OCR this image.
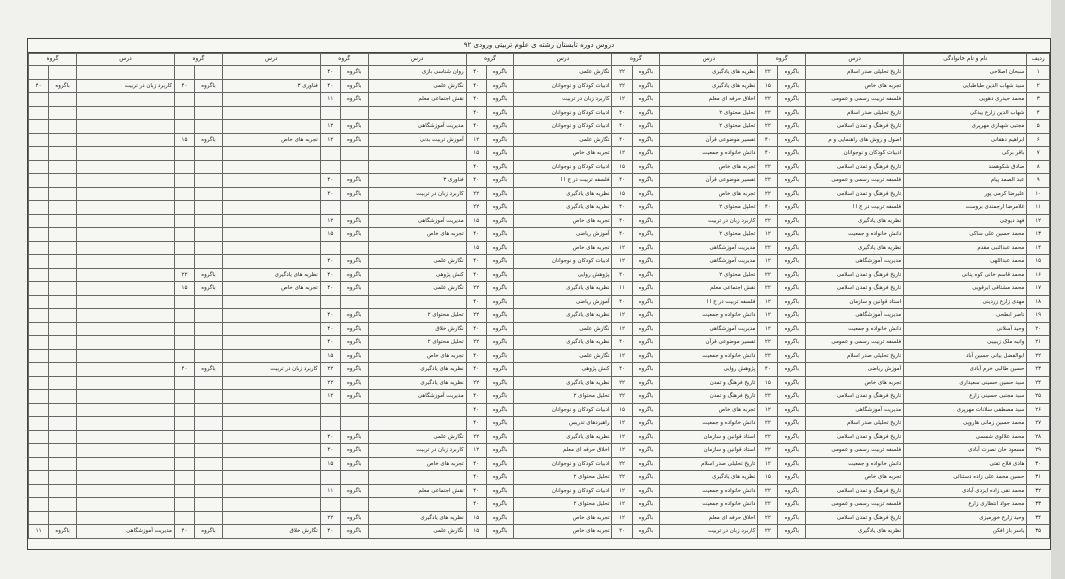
دروس دوره تابستان رشته ی علوم تربیتی ورودی ۹۲
ردیف	نام و نام خانوادگی	درس	گروه		درس	گروه		درس	گروه		درس	گروه		درس	گروه		درس	گروه	
۱	سبحان اصلاحی	تاریخ تحلیلی صدر اسلام	باگروه	۲۲	نظریه های یادگیری	باگروه	۲۲	نگارش علمی	باگروه	۴۰	روان شناسی بازی	باگروه	۴۰						
۲	سید شهاب الدین طباطبایی	تجربه های خاص	باگروه	۱۵	نظریه های یادگیری	باگروه	۲۲	ادبیات کودکان و نوجوانان	باگروه	۴۰	نگارش علمی	باگروه	۴۰	فناوری ۳	باگروه	۴۰	کاربرد زبان در تربیت	باگروه	۴۰
۳	محمد حیدری دهویی	فلسفه تربیت رسمی و عمومی	باگروه	۲۲	اخلاق حرفه ای معلم	باگروه	۱۲	کاربرد زبان در تربیت	باگروه	۴۰	نقش اجتماعی معلم	باگروه	۱۱						
۴	شهاب الدین زارع بیدکی	تاریخ تحلیلی صدر اسلام	باگروه	۲۲	تحلیل محتوای ۲	باگروه	۴۰	ادبیات کودکان و نوجوانان	باگروه	۴۰									
۵	مجتبی شهبازی مهرپری	تاریخ فرهنگ و تمدن اسلامی	باگروه	۲۲	تحلیل محتوای ۲	باگروه	۴۰	ادبیات کودکان و نوجوانان	باگروه	۴۰	مدیریت آموزشگاهی	باگروه	۱۲						
۶	ابراهیم دهقانی	اصول و روش های راهنمایی و م	باگروه	۴۰	تفسیر موضوعی قرآن	باگروه	۴۰	نگارش علمی	باگروه	۱۲	آموزش تربیت بدنی	باگروه	۱۲	تجربه های خاص	باگروه	۱۵			
۷	باقر برکی	ادبیات کودکان و نوجوانان	باگروه	۴۰	دانش خانواده و جمعیت	باگروه	۱۲	تجربه های خاص	باگروه	۱۵									
۸	صادق شکوهمند	تاریخ فرهنگ و تمدن اسلامی	باگروه	۲۲	تجربه های خاص	باگروه	۱۵	ادبیات کودکان و نوجوانان	باگروه	۴۰									
۹	عبد الصمد پیام	فلسفه تربیت رسمی و عمومی	باگروه	۲۲	تفسیر موضوعی قرآن	باگروه	۴۰	فلسفه تربیت در ج ا ا	باگروه	۴۰	فناوری ۳	باگروه	۴۰						
۱۰	علیرضا کرمی پور	تاریخ فرهنگ و تمدن اسلامی	باگروه	۲۲	تجربه های خاص	باگروه	۱۵	نظریه های یادگیری	باگروه	۲۲	کاربرد زبان در تربیت	باگروه	۴۰						
۱۱	غلامرضا ارجمندی بروست	فلسفه تربیت در ج ا ا	باگروه	۴۰	تحلیل محتوای ۲	باگروه	۴۰	نظریه های یادگیری	باگروه	۲۲									
۱۲	فهد دیوچی	نظریه های یادگیری	باگروه	۲۲	کاربرد زبان در تربیت	باگروه	۴۰	تجربه های خاص	باگروه	۱۵	مدیریت آموزشگاهی	باگروه	۱۲						
۱۳	محمد حسین علی ساکی	دانش خانواده و جمعیت	باگروه	۱۲	تحلیل محتوای ۲	باگروه	۴۰	آموزش ریاضی	باگروه	۴۰	تجربه های خاص	باگروه	۱۵						
۱۴	محمد عبدالنبی مقدم	نظریه های یادگیری	باگروه	۲۲	مدیریت آموزشگاهی	باگروه	۱۲	تجربه های خاص	باگروه	۱۵									
۱۵	محمد عبداللهی	مدیریت آموزشگاهی	باگروه	۱۲	مدیریت آموزشگاهی	باگروه	۱۲	ادبیات کودکان و نوجوانان	باگروه	۴۰	نگارش علمی	باگروه	۴۰						
۱۶	محمد قاسم خانی کوه پنانی	تاریخ فرهنگ و تمدن اسلامی	باگروه	۲۲	تحلیل محتوای ۲	باگروه	۴۰	پژوهش روایی	باگروه	۴۰	کنش پژوهی	باگروه	۴۰	نظریه های یادگیری	باگروه	۲۲			
۱۷	محمد مشتاقی ابرقویی	تاریخ فرهنگ و تمدن اسلامی	باگروه	۲۲	نقش اجتماعی معلم	باگروه	۱۱	نظریه های یادگیری	باگروه	۲۲	نگارش علمی	باگروه	۴۰	تجربه های خاص	باگروه	۱۵			
۱۸	مهدی زارع زردینی	استاد قوانین و سازمان	باگروه	۱۲	فلسفه تربیت در ج ا ا	باگروه	۴۰	آموزش ریاضی	باگروه	۴۰									
۱۹	ناصر ابطحی	مدیریت آموزشگاهی	باگروه	۱۲	دانش خانواده و جمعیت	باگروه	۱۲	نظریه های یادگیری	باگروه	۲۲	تحلیل محتوای ۲	باگروه	۴۰						
۲۰	وحید آسلانی	دانش خانواده و جمعیت	باگروه	۱۲	مدیریت آموزشگاهی	باگروه	۱۲	نگارش علمی	باگروه	۴۰	نگارش خلاق	باگروه	۴۰						
۲۱	وانیه ملک زیبیبی	فلسفه تربیت رسمی و عمومی	باگروه	۲۲	تفسیر موضوعی قرآن	باگروه	۴۰	نظریه های یادگیری	باگروه	۲۲	تحلیل محتوای ۲	باگروه	۴۰						
۲۲	ابوالفضل بیانی حسین آباد	تاریخ تحلیلی صدر اسلام	باگروه	۲۲	دانش خانواده و جمعیت	باگروه	۱۲	نگارش علمی	باگروه	۴۰	تجربه های خاص	باگروه	۱۵						
۲۳	حسین طالبی خرم آبادی	آموزش ریاضی	باگروه	۴۰	پژوهش روایی	باگروه	۴۰	کنش پژوهی	باگروه	۴۰	نظریه های یادگیری	باگروه	۲۲	کاربرد زبان در تربیت	باگروه	۴۰			
۲۴	سید حسین حسینی سعیداری	تجربه های خاص	باگروه	۱۵	تاریخ فرهنگ و تمدن	باگروه	۲۲	نظریه های یادگیری	باگروه	۲۲	نظریه های یادگیری	باگروه	۲۲						
۲۵	سید مجتبی حسینی زارع	تاریخ فرهنگ و تمدن اسلامی	باگروه	۲۲	تاریخ فرهنگ و تمدن	باگروه	۲۲	تحلیل محتوای ۲	باگروه	۴۰	مدیریت آموزشگاهی	باگروه	۱۲						
۲۶	سید مصطفی سلانات مهرپری	مدیریت آموزشگاهی	باگروه	۱۲	تجربه های خاص	باگروه	۱۵	ادبیات کودکان و نوجوانان	باگروه	۴۰									
۲۷	محمد حسین زمانی هاروپی	تاریخ تحلیلی صدر اسلام	باگروه	۲۲	دانش خانواده و جمعیت	باگروه	۱۲	راهبردهای تدریس	باگروه	۴۰									
۲۸	محمد علالوی شمسی	تاریخ فرهنگ و تمدن اسلامی	باگروه	۲۲	استاد قوانین و سازمان	باگروه	۱۲	نظریه های یادگیری	باگروه	۲۲	نگارش علمی	باگروه	۴۰						
۲۹	مسعود خان نصرت آبادی	فلسفه تربیت رسمی و عمومی	باگروه	۲۲	استاد قوانین و سازمان	باگروه	۱۲	اخلاق حرفه ای معلم	باگروه	۱۲	کاربرد زبان در تربیت	باگروه	۴۰						
۳۰	هادی فلاح تفتی	دانش خانواده و جمعیت	باگروه	۱۲	تاریخ تحلیلی صدر اسلام	باگروه	۲۲	ادبیات کودکان و نوجوانان	باگروه	۴۰	تجربه های خاص	باگروه	۱۵						
۳۱	حسین محمد علی زاده دستنائی	تجربه های خاص	باگروه	۱۵	نظریه های یادگیری	باگروه	۲۲	تحلیل محتوای ۲	باگروه	۴۰									
۳۲	محمد تقی زاده ایزدی آبادی	تاریخ فرهنگ و تمدن اسلامی	باگروه	۲۲	دانش خانواده و جمعیت	باگروه	۱۲	ادبیات کودکان و نوجوانان	باگروه	۴۰	نقش اجتماعی معلم	باگروه	۱۱						
۳۳	محمد جواد انتظاری زارع	فلسفه تربیت رسمی و عمومی	باگروه	۲۲	دانش خانواده و جمعیت	باگروه	۱۲	تحلیل محتوای ۲	باگروه	۴۰									
۳۴	وحید زارع خورمیزی	تاریخ فرهنگ و تمدن اسلامی	باگروه	۲۲	اخلاق حرفه ای معلم	باگروه	۱۲	تجربه های خاص	باگروه	۱۵	نظریه های یادگیری	باگروه	۲۲						
۳۵	یاسر باز افکن	نظریه های یادگیری	باگروه	۲۲	کاربرد زبان در تربیت	باگروه	۴۰	تجربه های خاص	باگروه	۱۵	نگارش علمی	باگروه	۴۰	نگارش خلاق	باگروه	۴۰	مدیریت آموزشگاهی	باگروه	۱۱
